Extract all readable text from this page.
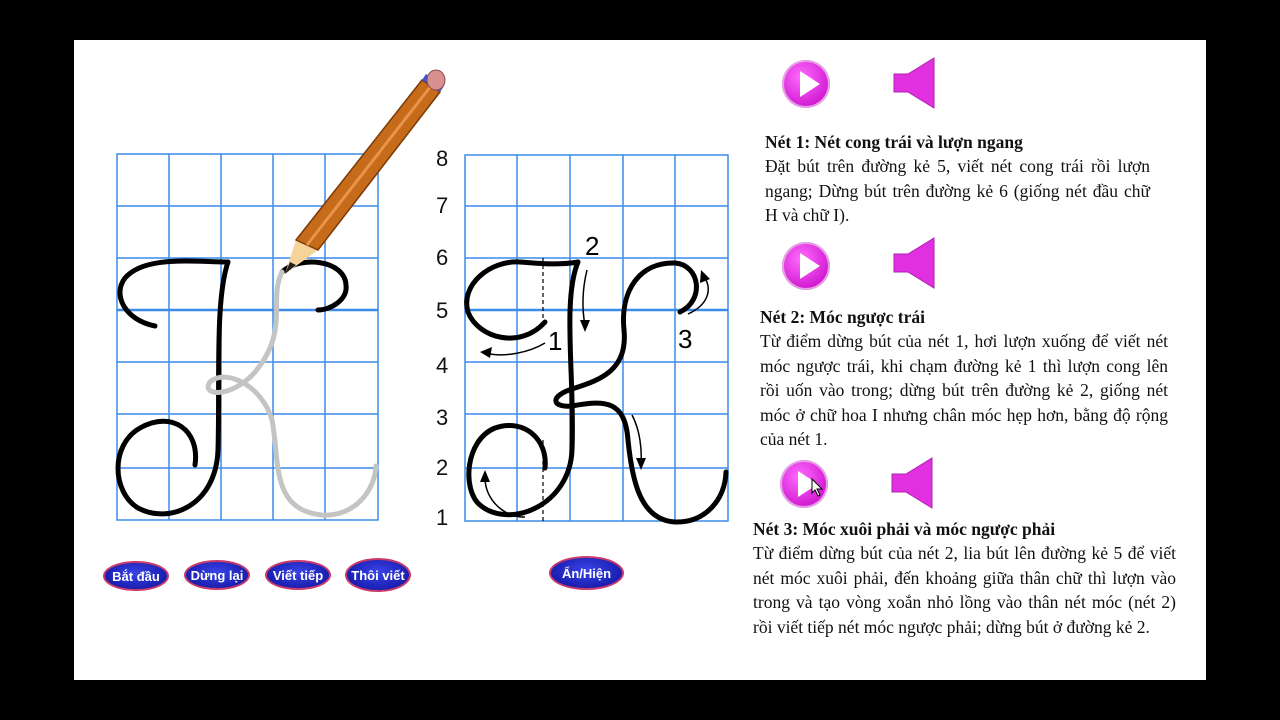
1
2
3
8
7
6
5
4
3
2
1
Bắt đầu	Dừng lại	Viết tiếp	Thôi viết	Ẩn/Hiện
Nét 1: Nét cong trái và lượn ngang

Đặt bút trên đường kẻ 5, viết nét cong trái rồi lượn ngang; Dừng bút trên đường kẻ 6 (giống nét đầu chữ H và chữ I).

Nét 2: Móc ngược trái

Từ điểm dừng bút của nét 1, hơi lượn xuống để viết nét móc ngược trái, khi chạm đường kẻ 1 thì lượn cong lên rồi uốn vào trong; dừng bút trên đường kẻ 2, giống nét móc ở chữ hoa I nhưng chân móc hẹp hơn, bằng độ rộng của nét 1.

Nét 3: Móc xuôi phải và móc ngược phải

Từ điểm dừng bút của nét 2, lia bút lên đường kẻ 5 để viết nét móc xuôi phải, đến khoảng giữa thân chữ thì lượn vào trong và tạo vòng xoắn nhỏ lồng vào thân nét móc (nét 2) rồi viết tiếp nét móc ngược phải; dừng bút ở đường kẻ 2.
